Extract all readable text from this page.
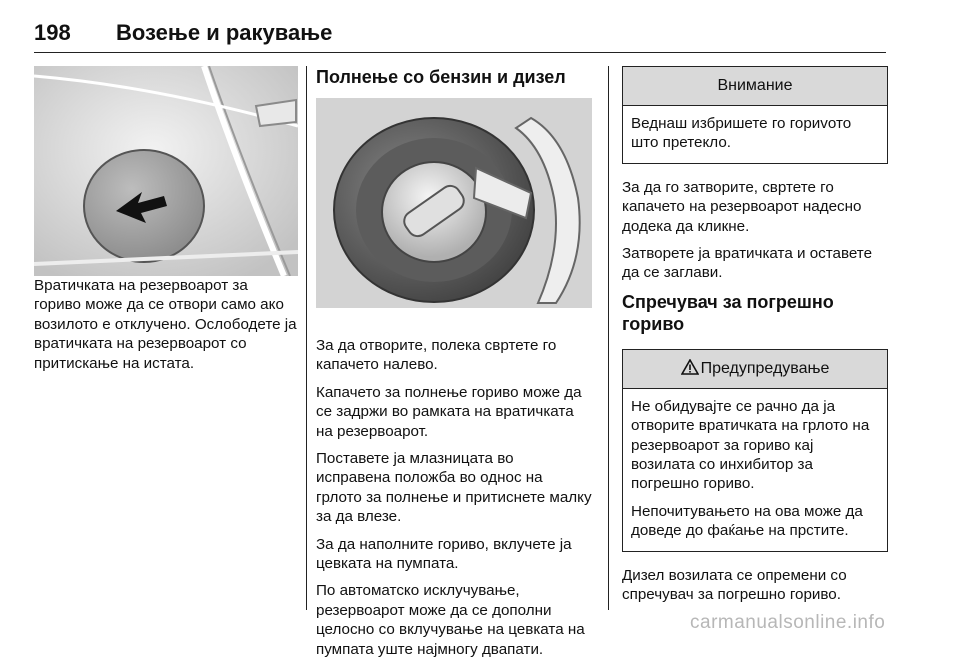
198 Возење и ракување

Вратичката на резервоарот за гориво може да се отвори само ако возилото е отклучено. Ослободете ја вратичката на резервоарот со притискање на истата.

Полнење со бензин и дизел

За да отворите, полека свртете го капачето налево.

Капачето за полнење гориво може да се задржи во рамката на вратичката на резервоарот.

Поставете ја млазницата во исправена положба во однос на грлото за полнење и притиснете малку за да влезе.

За да наполните гориво, вклучете ја цевката на пумпата.

По автоматско исклучување, резервоарот може да се дополни целосно со вклучување на цевката на пумпата уште најмногу двапати.

Внимание

Веднаш избришете го гориvото што претекло.

За да го затворите, свртете го капачето на резервоарот надесно додека да кликне.

Затворете ја вратичката и оставете да се заглави.

Спречувач за погрешно гориво
Предупредување

Не обидувајте се рачно да ја отворите вратичката на грлото на резервоарот за гориво кај возилата со инхибитор за погрешно гориво.

Непочитувањето на ова може да доведе до фаќање на прстите.

Дизел возилата се опремени со спречувач за погрешно гориво.

carmanualsonline.info
